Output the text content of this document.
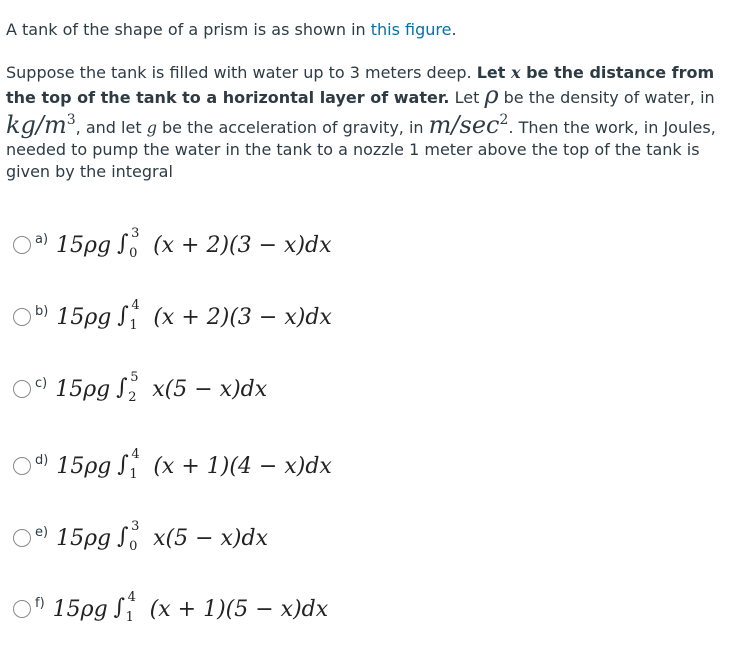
A tank of the shape of a prism is as shown in this figure.
Suppose the tank is filled with water up to 3 meters deep. Let x be the distance from the top of the tank to a horizontal layer of water. Let ρ be the density of water, in $kg/m^3$, and let g be the acceleration of gravity, in $m/\sec^2$. Then the work, in Joules, needed to pump the water in the tank to a nozzle 1 meter above the top of the tank is given by the integral
a) 15ρg ∫ 3
0 (x + 2)(3 − x)dx
b) 15ρg ∫ 4
1 (x + 2)(3 − x)dx
c) 15ρg ∫ 5
2 x(5 − x)dx
d) 15ρg ∫ 4
1 (x + 1)(4 − x)dx
e) 15ρg ∫ 3
0 x(5 − x)dx
f) 15ρg ∫ 4
1 (x + 1)(5 − x)dx
